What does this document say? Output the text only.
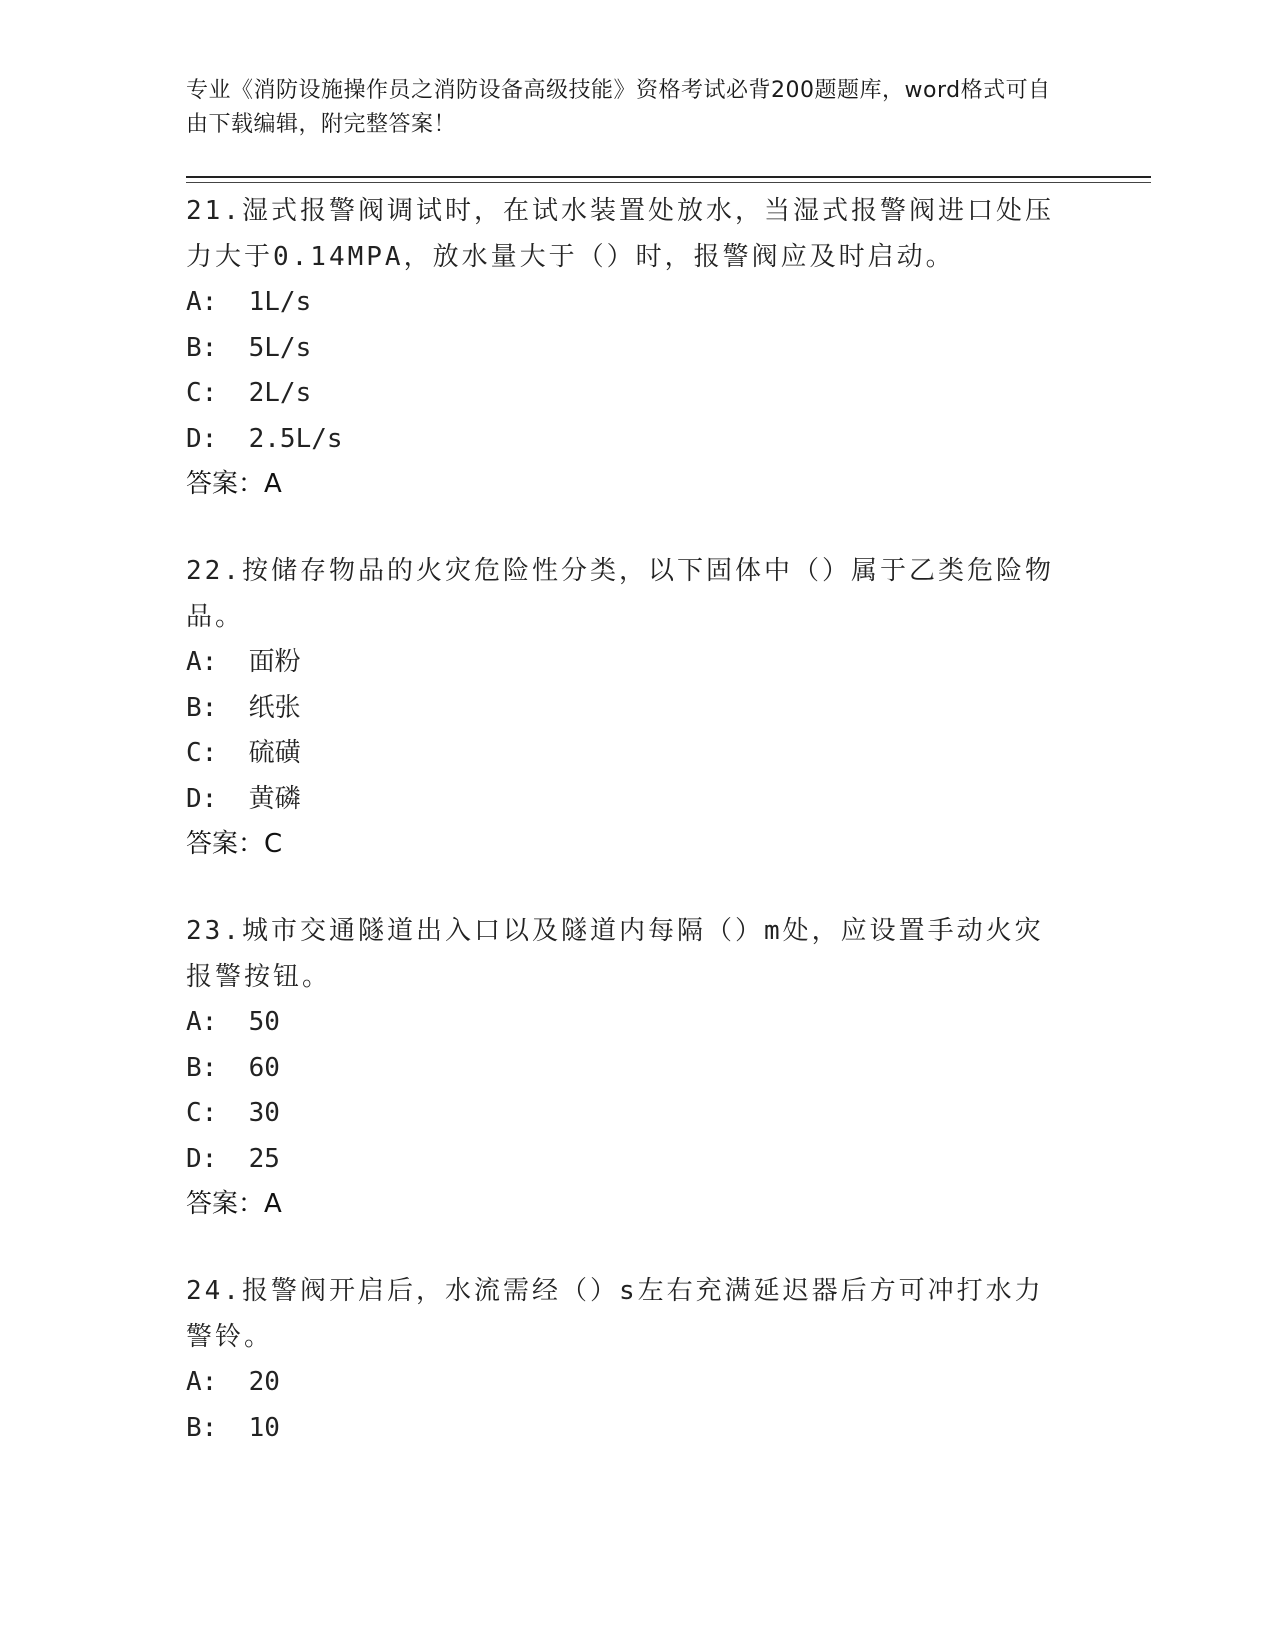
专业《消防设施操作员之消防设备高级技能》资格考试必背200题题库，word格式可自由下载编辑，附完整答案！

21.湿式报警阀调试时，在试水装置处放水，当湿式报警阀进口处压力大于0.14MPA，放水量大于（）时，报警阀应及时启动。

A:  1L/s

B:  5L/s

C:  2L/s

D:  2.5L/s

答案：A

22.按储存物品的火灾危险性分类，以下固体中（）属于乙类危险物品。

A:  面粉

B:  纸张

C:  硫磺

D:  黄磷

答案：C

23.城市交通隧道出入口以及隧道内每隔（）m处，应设置手动火灾报警按钮。

A:  50

B:  60

C:  30

D:  25

答案：A

24.报警阀开启后，水流需经（）s左右充满延迟器后方可冲打水力警铃。

A:  20

B:  10
